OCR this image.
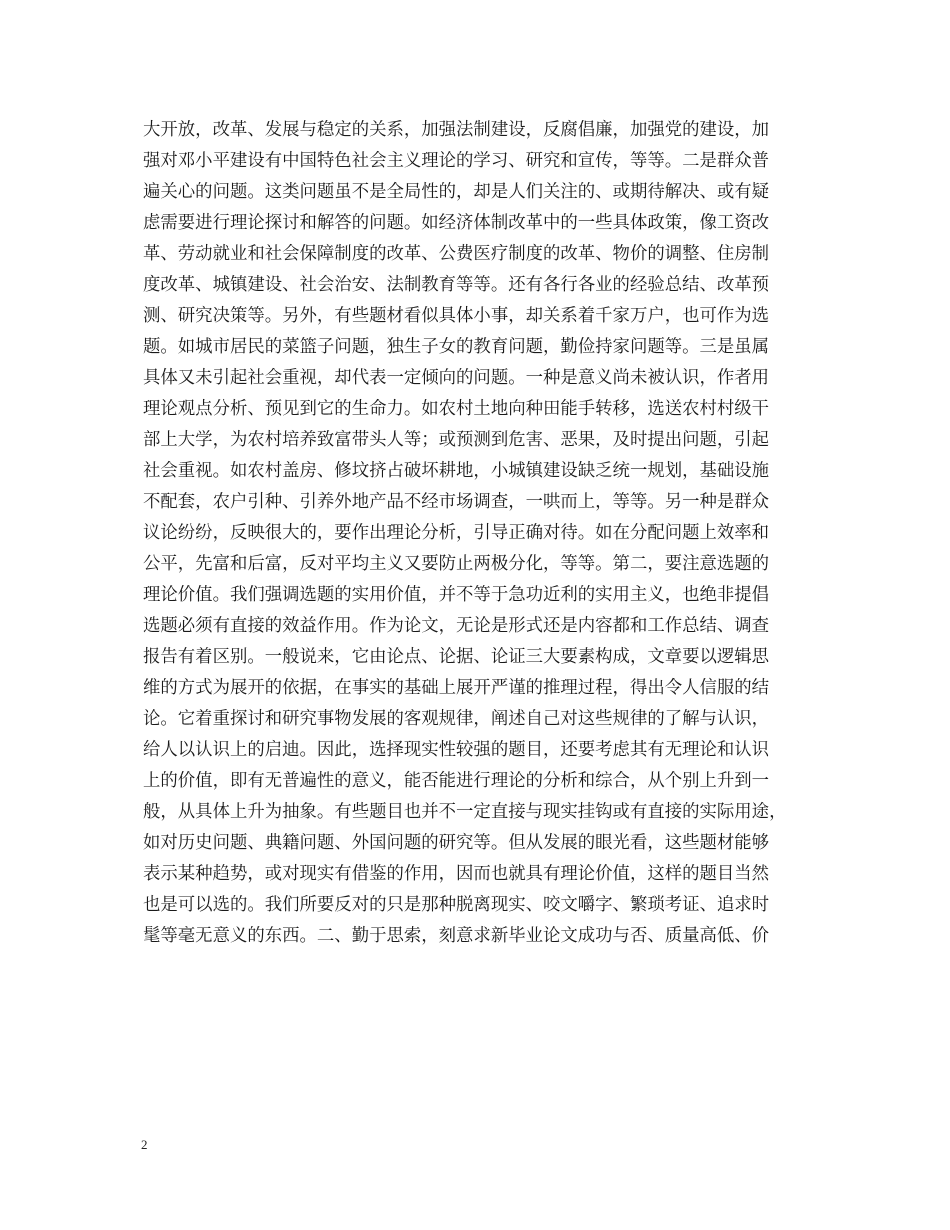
大开放，改革、发展与稳定的关系，加强法制建设，反腐倡廉，加强党的建设，加
强对邓小平建设有中国特色社会主义理论的学习、研究和宣传，等等。二是群众普
遍关心的问题。这类问题虽不是全局性的，却是人们关注的、或期待解决、或有疑
虑需要进行理论探讨和解答的问题。如经济体制改革中的一些具体政策，像工资改
革、劳动就业和社会保障制度的改革、公费医疗制度的改革、物价的调整、住房制
度改革、城镇建设、社会治安、法制教育等等。还有各行各业的经验总结、改革预
测、研究决策等。另外，有些题材看似具体小事，却关系着千家万户，也可作为选
题。如城市居民的菜篮子问题，独生子女的教育问题，勤俭持家问题等。三是虽属
具体又未引起社会重视，却代表一定倾向的问题。一种是意义尚未被认识，作者用
理论观点分析、预见到它的生命力。如农村土地向种田能手转移，选送农村村级干
部上大学，为农村培养致富带头人等；或预测到危害、恶果，及时提出问题，引起
社会重视。如农村盖房、修坟挤占破坏耕地，小城镇建设缺乏统一规划，基础设施
不配套，农户引种、引养外地产品不经市场调查，一哄而上，等等。另一种是群众
议论纷纷，反映很大的，要作出理论分析，引导正确对待。如在分配问题上效率和
公平，先富和后富，反对平均主义又要防止两极分化，等等。第二，要注意选题的
理论价值。我们强调选题的实用价值，并不等于急功近利的实用主义，也绝非提倡
选题必须有直接的效益作用。作为论文，无论是形式还是内容都和工作总结、调查
报告有着区别。一般说来，它由论点、论据、论证三大要素构成，文章要以逻辑思
维的方式为展开的依据，在事实的基础上展开严谨的推理过程，得出令人信服的结
论。它着重探讨和研究事物发展的客观规律，阐述自己对这些规律的了解与认识，
给人以认识上的启迪。因此，选择现实性较强的题目，还要考虑其有无理论和认识
上的价值，即有无普遍性的意义，能否能进行理论的分析和综合，从个别上升到一
般，从具体上升为抽象。有些题目也并不一定直接与现实挂钩或有直接的实际用途，
如对历史问题、典籍问题、外国问题的研究等。但从发展的眼光看，这些题材能够
表示某种趋势，或对现实有借鉴的作用，因而也就具有理论价值，这样的题目当然
也是可以选的。我们所要反对的只是那种脱离现实、咬文嚼字、繁琐考证、追求时
髦等毫无意义的东西。二、勤于思索，刻意求新毕业论文成功与否、质量高低、价
2
